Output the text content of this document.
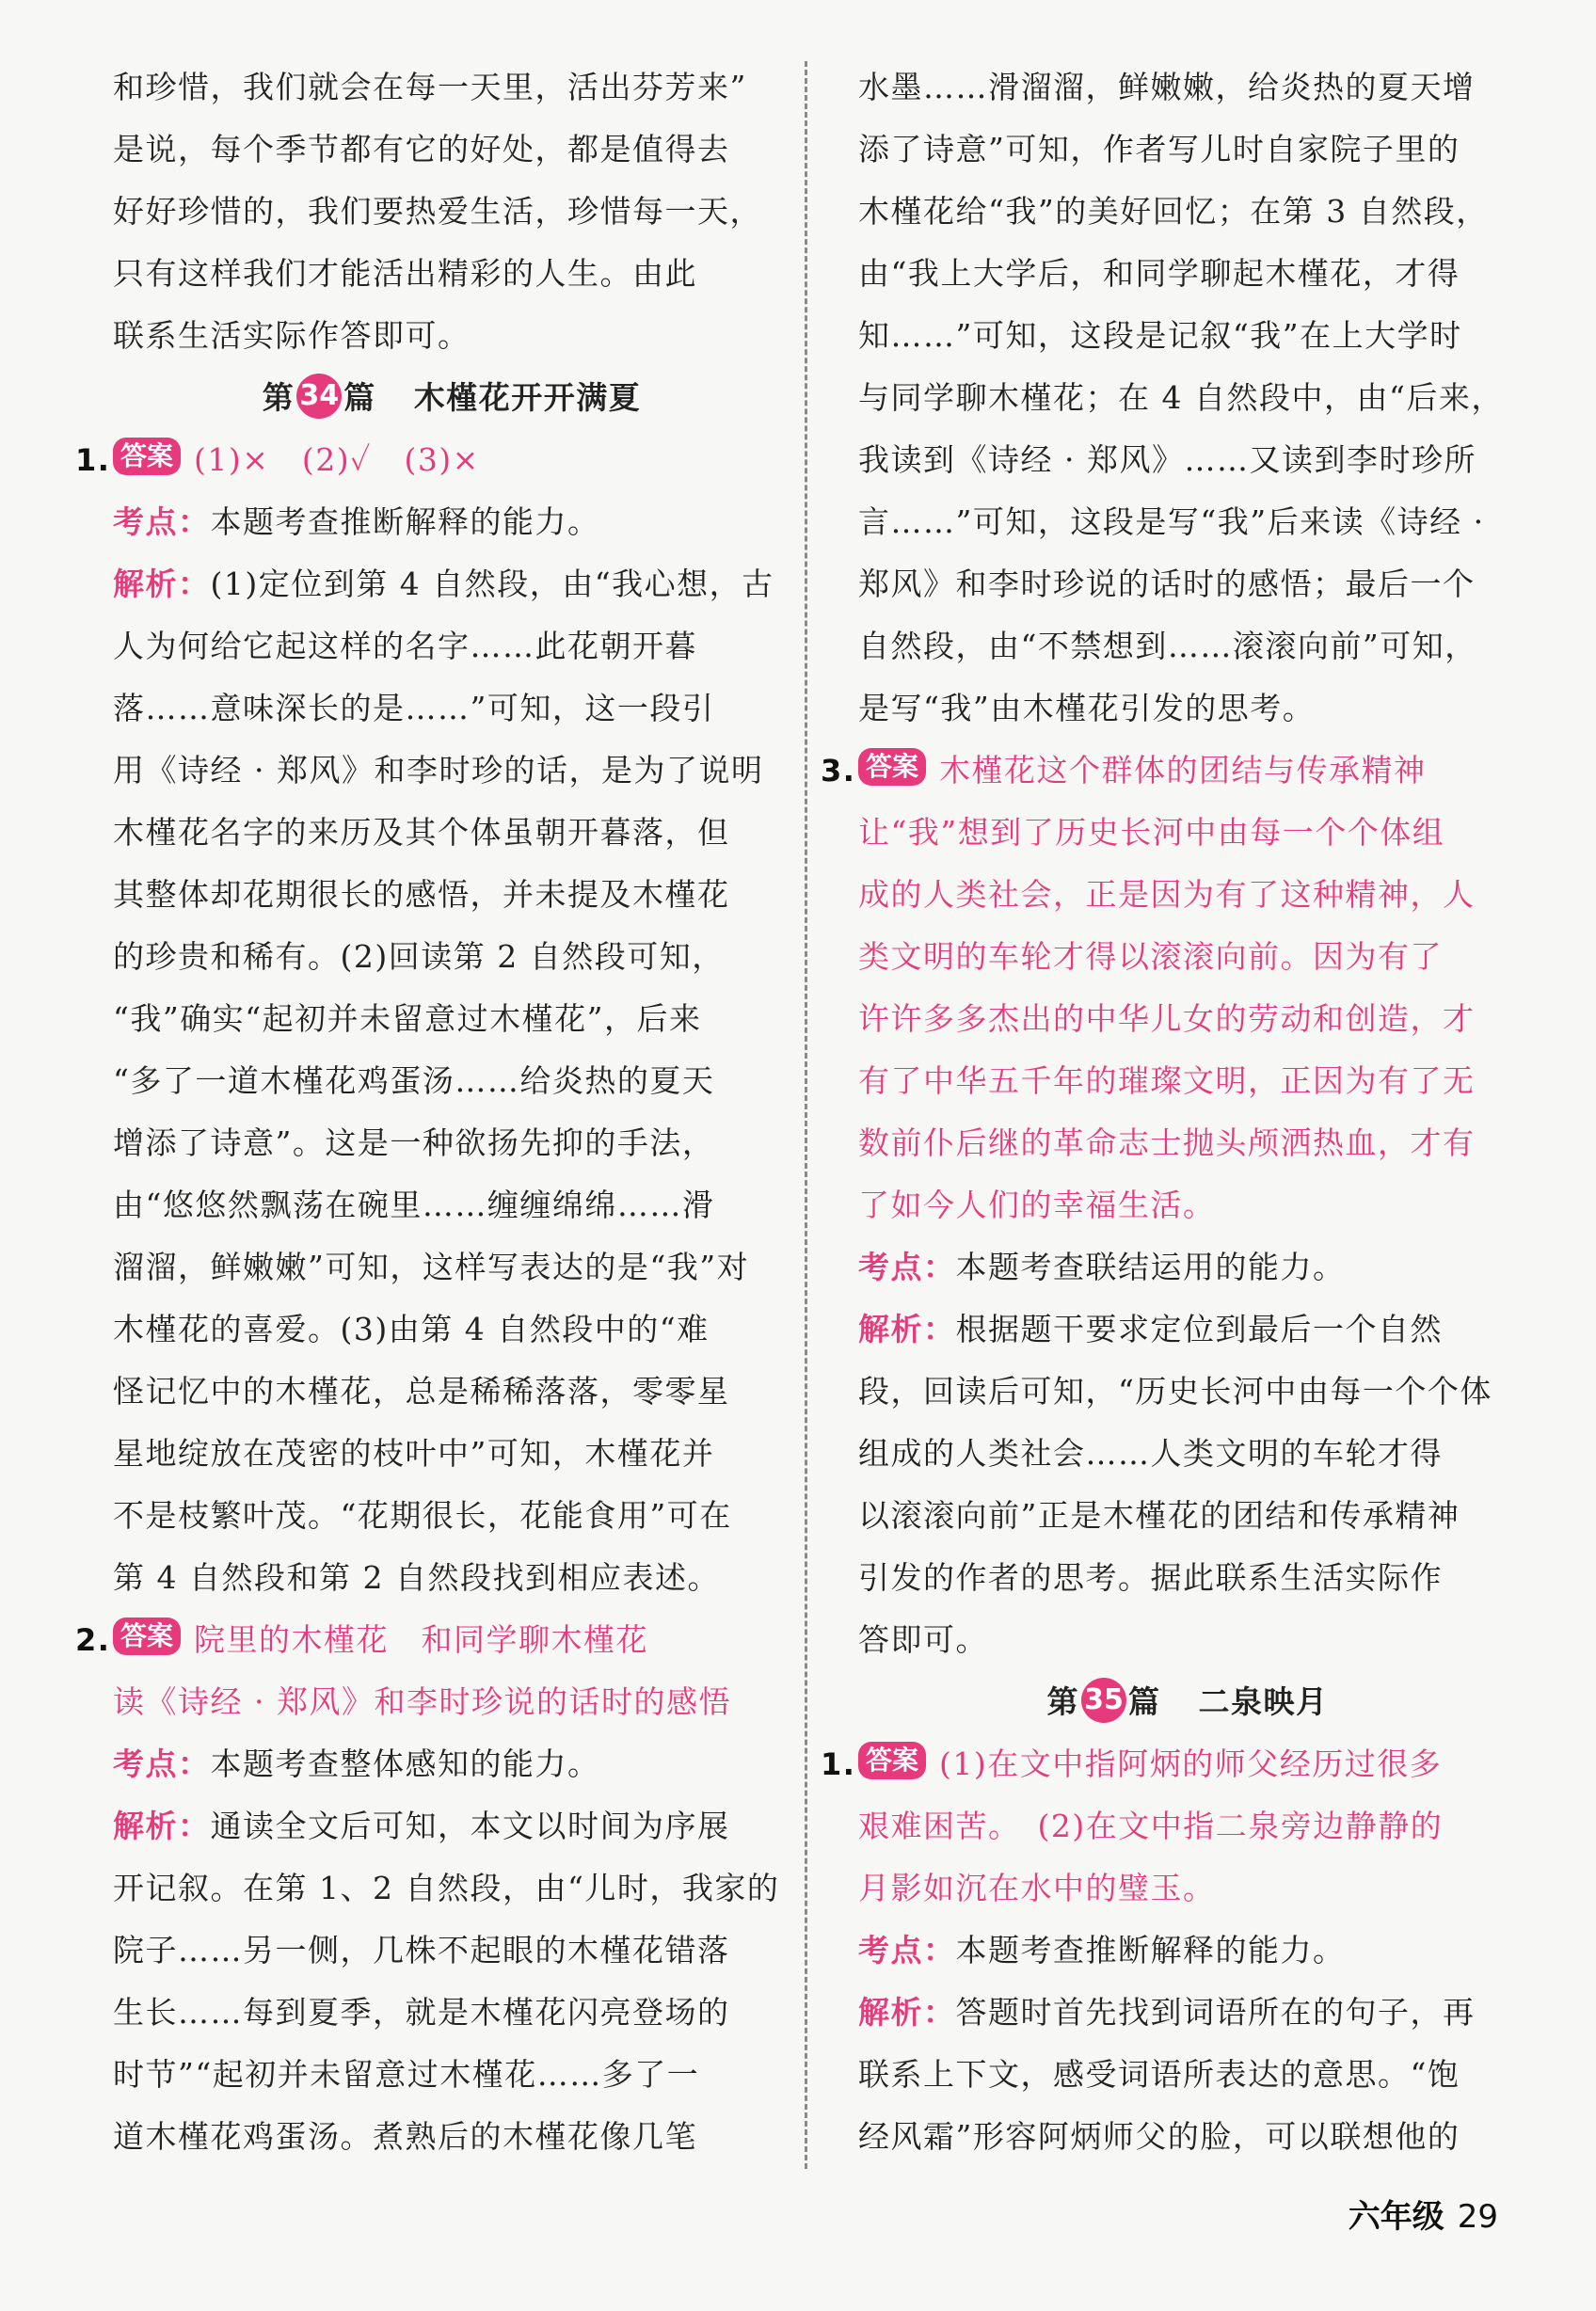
和珍惜，我们就会在每一天里，活出芬芳来”

是说，每个季节都有它的好处，都是值得去

好好珍惜的，我们要热爱生活，珍惜每一天，

只有这样我们才能活出精彩的人生。由此

联系生活实际作答即可。

第 34 篇 木槿花开开满夏

1. 答案 (1)×　(2)✓　(3)×

考点：本题考查推断解释的能力。

解析：(1)定位到第 4 自然段，由“我心想，古

人为何给它起这样的名字……此花朝开暮

落……意味深长的是……”可知，这一段引

用《诗经 · 郑风》和李时珍的话，是为了说明

木槿花名字的来历及其个体虽朝开暮落，但

其整体却花期很长的感悟，并未提及木槿花

的珍贵和稀有。(2)回读第 2 自然段可知，

“我”确实“起初并未留意过木槿花”，后来

“多了一道木槿花鸡蛋汤……给炎热的夏天

增添了诗意”。这是一种欲扬先抑的手法，

由“悠悠然飘荡在碗里……缠缠绵绵……滑

溜溜，鲜嫩嫩”可知，这样写表达的是“我”对

木槿花的喜爱。(3)由第 4 自然段中的“难

怪记忆中的木槿花，总是稀稀落落，零零星

星地绽放在茂密的枝叶中”可知，木槿花并

不是枝繁叶茂。“花期很长，花能食用”可在

第 4 自然段和第 2 自然段找到相应表述。

2. 答案 院里的木槿花　和同学聊木槿花

读《诗经 · 郑风》和李时珍说的话时的感悟

考点：本题考查整体感知的能力。

解析：通读全文后可知，本文以时间为序展

开记叙。在第 1、2 自然段，由“儿时，我家的

院子……另一侧，几株不起眼的木槿花错落

生长……每到夏季，就是木槿花闪亮登场的

时节”“起初并未留意过木槿花……多了一

道木槿花鸡蛋汤。煮熟后的木槿花像几笔

水墨……滑溜溜，鲜嫩嫩，给炎热的夏天增

添了诗意”可知，作者写儿时自家院子里的

木槿花给“我”的美好回忆；在第 3 自然段，

由“我上大学后，和同学聊起木槿花，才得

知……”可知，这段是记叙“我”在上大学时

与同学聊木槿花；在 4 自然段中，由“后来，

我读到《诗经 · 郑风》……又读到李时珍所

言……”可知，这段是写“我”后来读《诗经 ·

郑风》和李时珍说的话时的感悟；最后一个

自然段，由“不禁想到……滚滚向前”可知，

是写“我”由木槿花引发的思考。

3. 答案 木槿花这个群体的团结与传承精神

让“我”想到了历史长河中由每一个个体组

成的人类社会，正是因为有了这种精神，人

类文明的车轮才得以滚滚向前。因为有了

许许多多杰出的中华儿女的劳动和创造，才

有了中华五千年的璀璨文明，正因为有了无

数前仆后继的革命志士抛头颅洒热血，才有

了如今人们的幸福生活。

考点：本题考查联结运用的能力。

解析：根据题干要求定位到最后一个自然

段，回读后可知，“历史长河中由每一个个体

组成的人类社会……人类文明的车轮才得

以滚滚向前”正是木槿花的团结和传承精神

引发的作者的思考。据此联系生活实际作

答即可。

第 35 篇 二泉映月

1. 答案 (1)在文中指阿炳的师父经历过很多

艰难困苦。　(2)在文中指二泉旁边静静的

月影如沉在水中的璧玉。

考点：本题考查推断解释的能力。

解析：答题时首先找到词语所在的句子，再

联系上下文，感受词语所表达的意思。“饱

经风霜”形容阿炳师父的脸，可以联想他的

六年级 29
